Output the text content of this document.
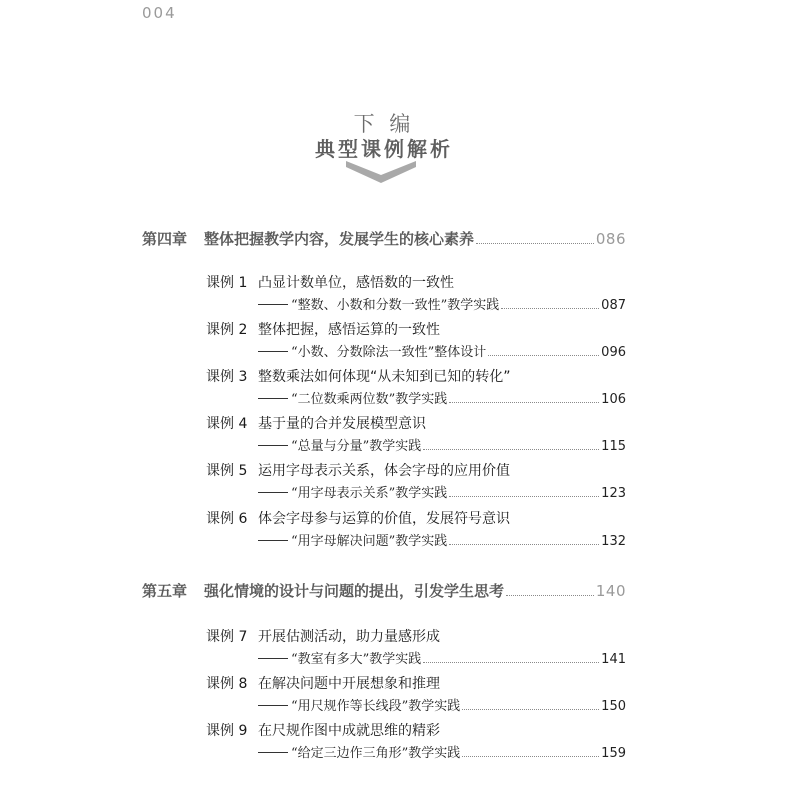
004
下 编
典型课例解析
第四章	整体把握教学内容，发展学生的核心素养	086
课例 1 凸显计数单位，感悟数的一致性
“整数、小数和分数一致性”教学实践	087
课例 2 整体把握，感悟运算的一致性
“小数、分数除法一致性”整体设计	096
课例 3 整数乘法如何体现“从未知到已知的转化”
“二位数乘两位数”教学实践	106
课例 4 基于量的合并发展模型意识
“总量与分量”教学实践	115
课例 5 运用字母表示关系，体会字母的应用价值
“用字母表示关系”教学实践	123
课例 6 体会字母参与运算的价值，发展符号意识
“用字母解决问题”教学实践	132
第五章	强化情境的设计与问题的提出，引发学生思考	140
课例 7 开展估测活动，助力量感形成
“教室有多大”教学实践	141
课例 8 在解决问题中开展想象和推理
“用尺规作等长线段”教学实践	150
课例 9 在尺规作图中成就思维的精彩
“给定三边作三角形”教学实践	159
